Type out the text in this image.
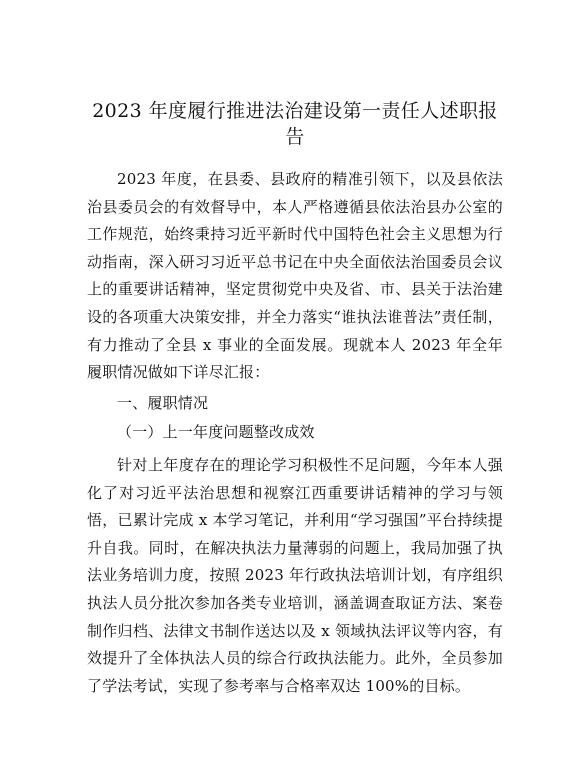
2023 年度履行推进法治建设第一责任人述职报告

2023 年度，在县委、县政府的精准引领下，以及县依法治县委员会的有效督导中，本人严格遵循县依法治县办公室的工作规范，始终秉持习近平新时代中国特色社会主义思想为行动指南，深入研习习近平总书记在中央全面依法治国委员会议上的重要讲话精神，坚定贯彻党中央及省、市、县关于法治建设的各项重大决策安排，并全力落实“谁执法谁普法”责任制，有力推动了全县 x 事业的全面发展。现就本人 2023 年全年履职情况做如下详尽汇报：

一、履职情况

（一）上一年度问题整改成效

针对上年度存在的理论学习积极性不足问题，今年本人强化了对习近平法治思想和视察江西重要讲话精神的学习与领悟，已累计完成 x 本学习笔记，并利用“学习强国”平台持续提升自我。同时，在解决执法力量薄弱的问题上，我局加强了执法业务培训力度，按照 2023 年行政执法培训计划，有序组织执法人员分批次参加各类专业培训，涵盖调查取证方法、案卷制作归档、法律文书制作送达以及 x 领域执法评议等内容，有效提升了全体执法人员的综合行政执法能力。此外，全员参加了学法考试，实现了参考率与合格率双达 100%的目标。
